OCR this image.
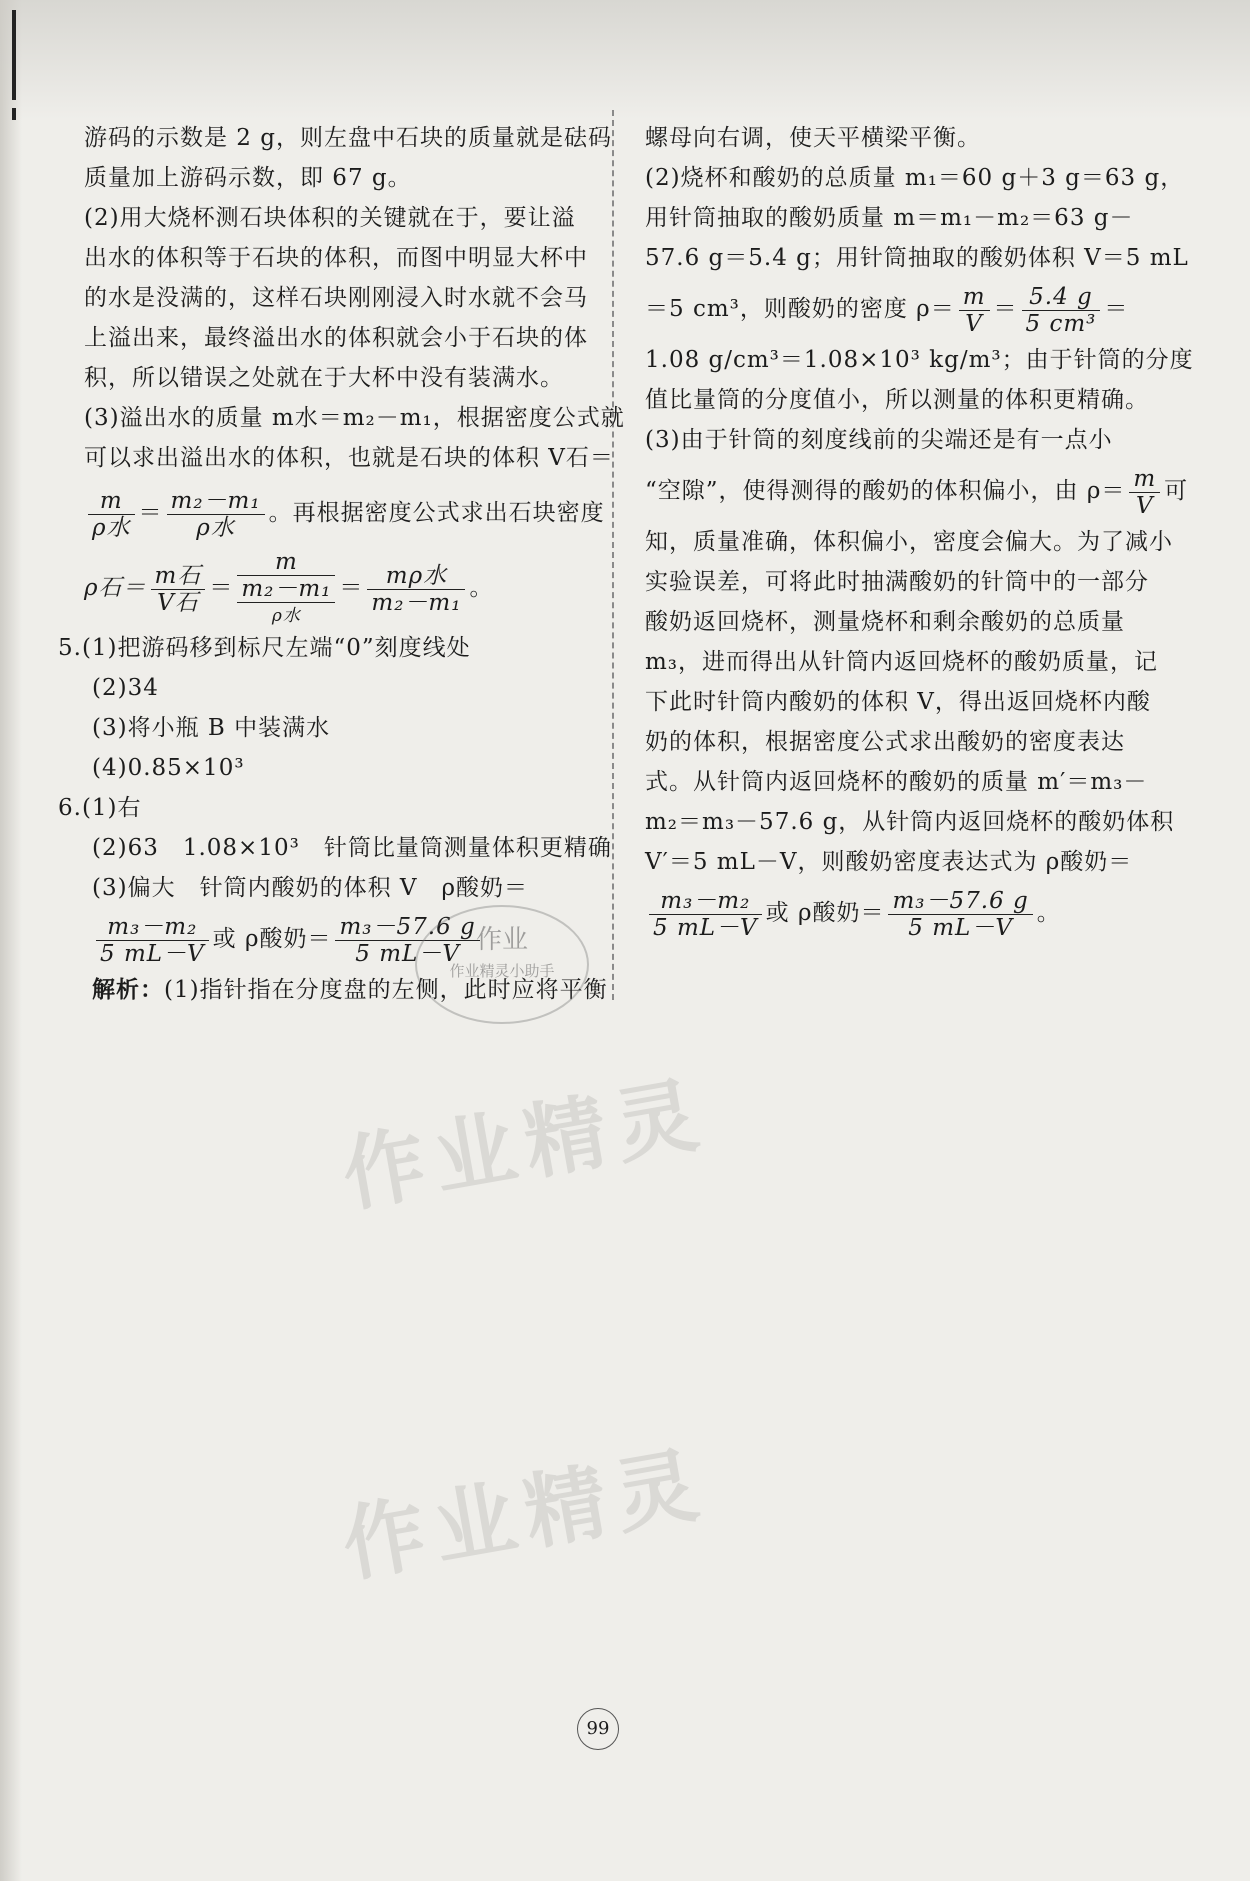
游码的示数是 2 g，则左盘中石块的质量就是砝码
质量加上游码示数，即 67 g。
(2)用大烧杯测石块体积的关键就在于，要让溢
出水的体积等于石块的体积，而图中明显大杯中
的水是没满的，这样石块刚刚浸入时水就不会马
上溢出来，最终溢出水的体积就会小于石块的体
积，所以错误之处就在于大杯中没有装满水。
(3)溢出水的质量 m水＝m₂－m₁，根据密度公式就
可以求出溢出水的体积，也就是石块的体积 V石＝
$\frac{m}{\text{ρ水}} = \frac{\text{m₂－m₁}}{\text{ρ水}}$ 。再根据密度公式求出石块密度
ρ石＝ $\frac{\text{m石}}{\text{V石}}$ ＝
m
m₂－m₁
ρ水
＝ $\frac{\text{mρ水}}{\text{m₂－m₁}}$ 。
5.(1)把游码移到标尺左端“0”刻度线处
(2)34
(3)将小瓶 B 中装满水
(4)0.85×10³
6.(1)右
(2)63　1.08×10³　针筒比量筒测量体积更精确
(3)偏大　针筒内酸奶的体积 V　ρ酸奶＝
$\frac{\text{m₃－m₂}}{5 mL-V}$ 或 ρ酸奶＝ $\frac{\text{m₃－57.6 g}}{5 mL-V}$
解析：(1)指针指在分度盘的左侧，此时应将平衡
螺母向右调，使天平横梁平衡。
(2)烧杯和酸奶的总质量 m₁＝60 g＋3 g＝63 g，
用针筒抽取的酸奶质量 m＝m₁－m₂＝63 g－
57.6 g＝5.4 g；用针筒抽取的酸奶体积 V＝5 mL
＝5 cm³，则酸奶的密度 $\rho= \frac{m}{V} = \frac{5.4 g}{\text{5 cm³}}$ ＝
1.08 g/cm³＝1.08×10³ kg/m³；由于针筒的分度
值比量筒的分度值小，所以测量的体积更精确。
(3)由于针筒的刻度线前的尖端还是有一点小
“空隙”，使得测得的酸奶的体积偏小，由 $\rho= \frac{m}{V}$ 可
知，质量准确，体积偏小，密度会偏大。为了减小
实验误差，可将此时抽满酸奶的针筒中的一部分
酸奶返回烧杯，测量烧杯和剩余酸奶的总质量
m₃，进而得出从针筒内返回烧杯的酸奶质量，记
下此时针筒内酸奶的体积 V，得出返回烧杯内酸
奶的体积，根据密度公式求出酸奶的密度表达
式。从针筒内返回烧杯的酸奶的质量 m′＝m₃－
m₂＝m₃－57.6 g，从针筒内返回烧杯的酸奶体积
V′＝5 mL－V，则酸奶密度表达式为 ρ酸奶＝
$\frac{\text{m₃－m₂}}{5 mL-V}$ 或 ρ酸奶＝ $\frac{\text{m₃－57.6 g}}{5 mL-V}$ 。
作业
作业精灵小助手
作业精灵
作业精灵
99
